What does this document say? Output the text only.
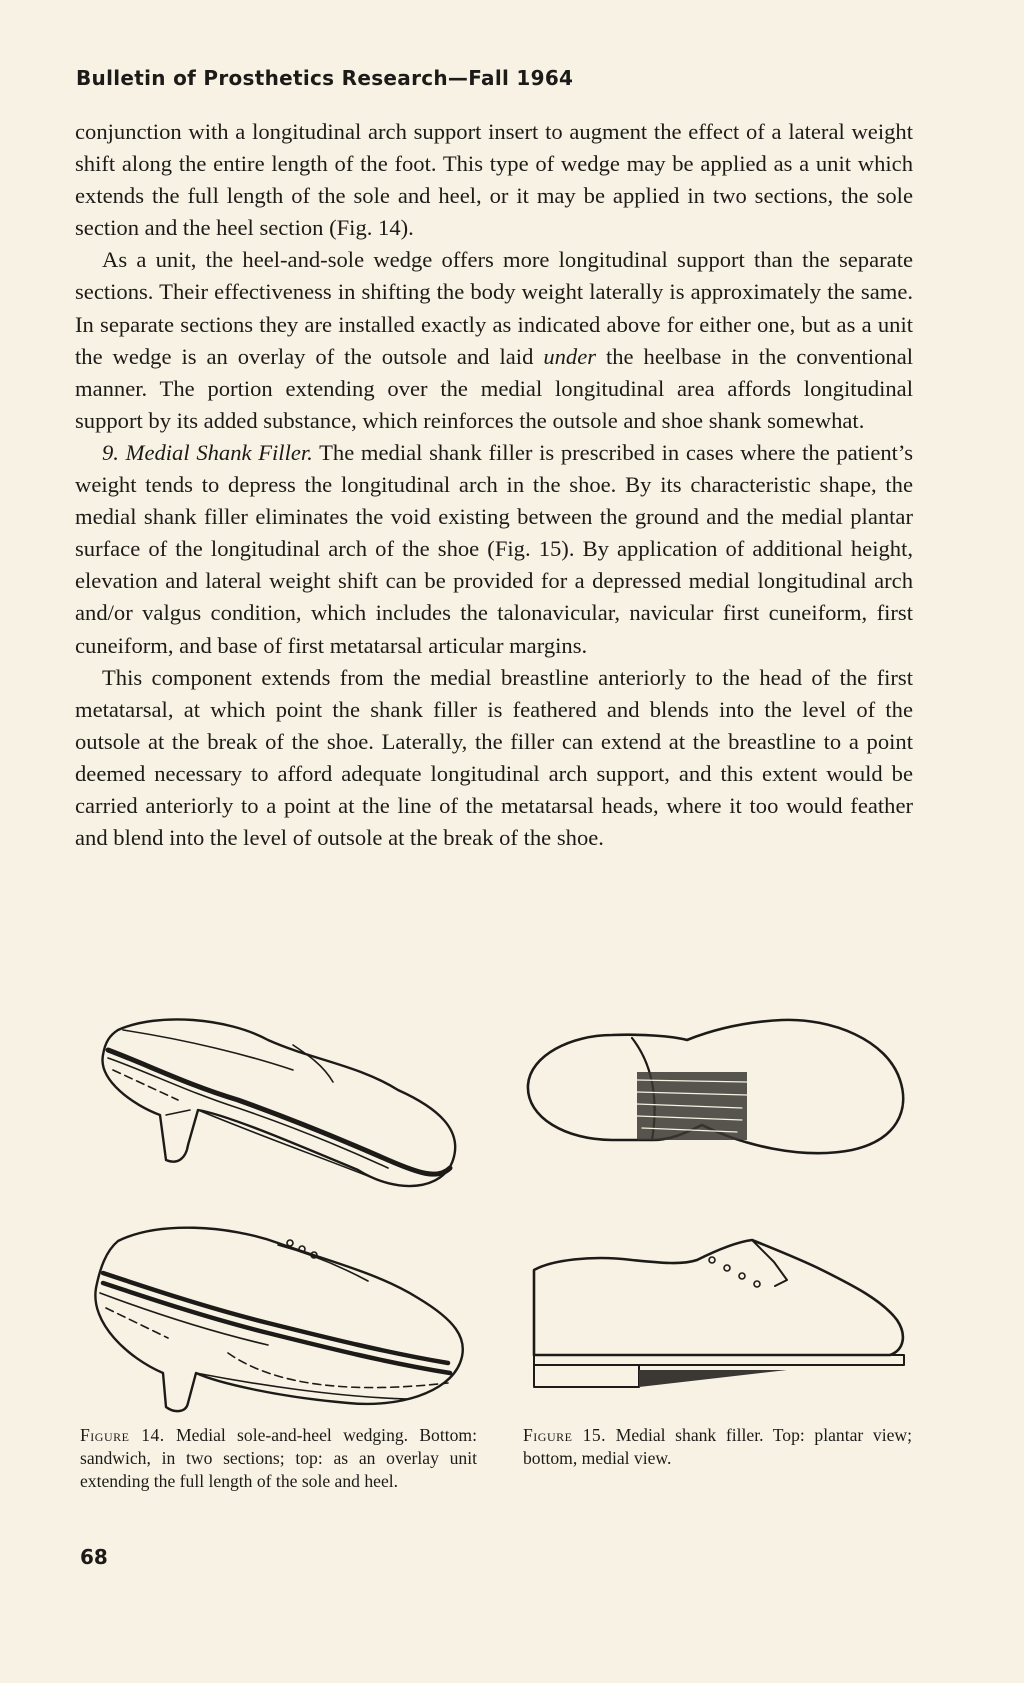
Bulletin of Prosthetics Research—Fall 1964

conjunction with a longitudinal arch support insert to augment the effect of a lateral weight shift along the entire length of the foot. This type of wedge may be applied as a unit which extends the full length of the sole and heel, or it may be applied in two sections, the sole section and the heel section (Fig. 14).

As a unit, the heel-and-sole wedge offers more longitudinal support than the separate sections. Their effectiveness in shifting the body weight laterally is approximately the same. In separate sections they are installed exactly as indicated above for either one, but as a unit the wedge is an overlay of the outsole and laid under the heelbase in the conventional manner. The portion extending over the medial longitudinal area affords longitudinal support by its added substance, which reinforces the outsole and shoe shank somewhat.

9. Medial Shank Filler. The medial shank filler is prescribed in cases where the patient’s weight tends to depress the longitudinal arch in the shoe. By its characteristic shape, the medial shank filler eliminates the void existing between the ground and the medial plantar surface of the longitudinal arch of the shoe (Fig. 15). By application of additional height, elevation and lateral weight shift can be provided for a depressed medial longitudinal arch and/or valgus condition, which includes the talonavicular, navicular first cuneiform, first cuneiform, and base of first metatarsal articular margins.

This component extends from the medial breastline anteriorly to the head of the first metatarsal, at which point the shank filler is feathered and blends into the level of the outsole at the break of the shoe. Laterally, the filler can extend at the breastline to a point deemed necessary to afford adequate longitudinal arch support, and this extent would be carried anteriorly to a point at the line of the metatarsal heads, where it too would feather and blend into the level of outsole at the break of the shoe.

Figure 14. Medial sole-and-heel wedging. Bottom: sandwich, in two sections; top: as an overlay unit extending the full length of the sole and heel.
Figure 15. Medial shank filler. Top: plantar view; bottom, medial view.
68
